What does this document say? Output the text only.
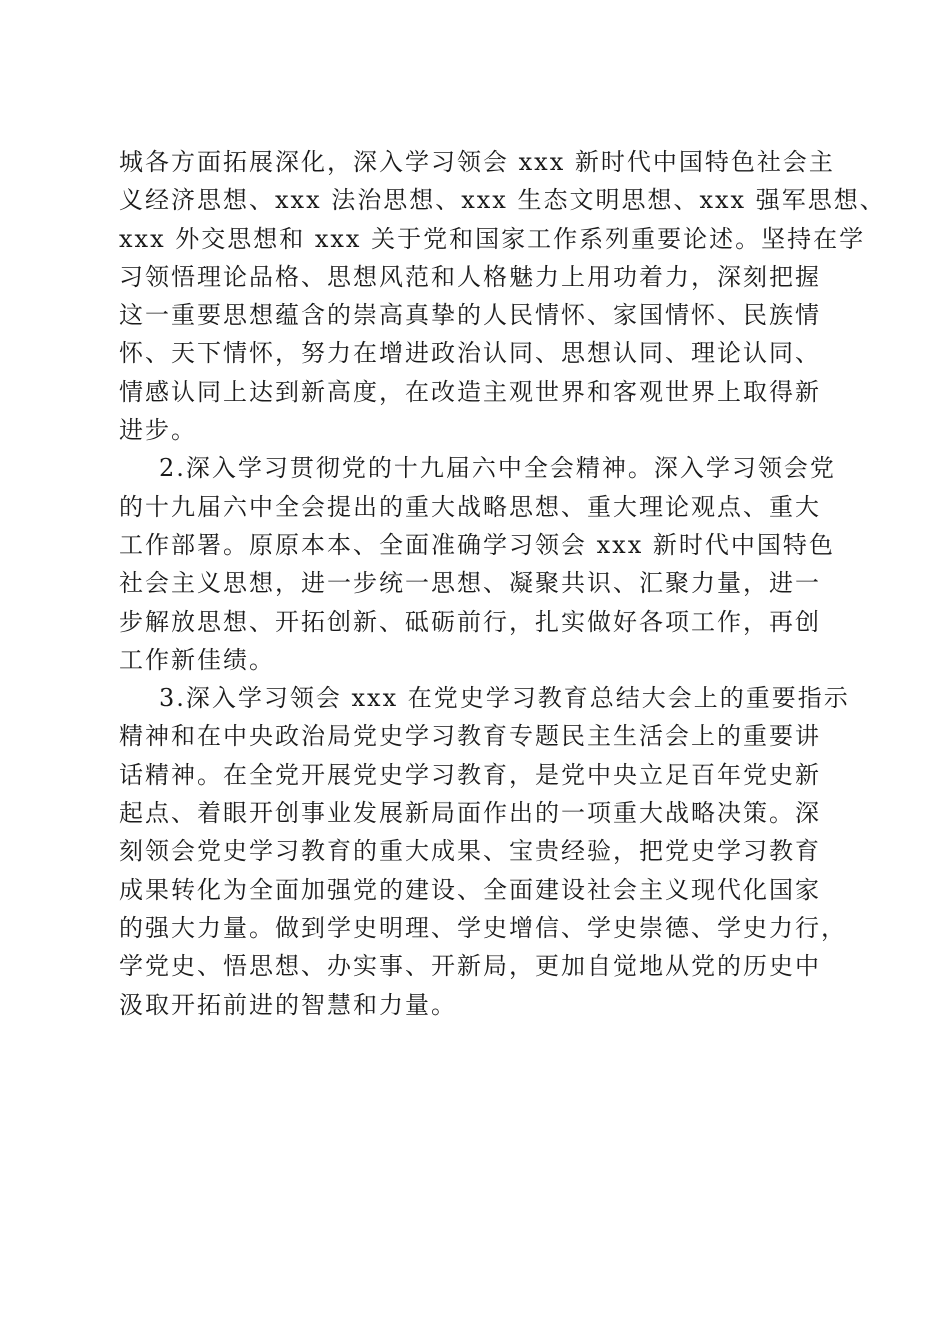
城各方面拓展深化，深入学习领会 xxx 新时代中国特色社会主
义经济思想、xxx 法治思想、xxx 生态文明思想、xxx 强军思想、
xxx 外交思想和 xxx 关于党和国家工作系列重要论述。坚持在学
习领悟理论品格、思想风范和人格魅力上用功着力，深刻把握
这一重要思想蕴含的崇高真挚的人民情怀、家国情怀、民族情
怀、天下情怀，努力在增进政治认同、思想认同、理论认同、
情感认同上达到新高度，在改造主观世界和客观世界上取得新
进步。
2.深入学习贯彻党的十九届六中全会精神。深入学习领会党
的十九届六中全会提出的重大战略思想、重大理论观点、重大
工作部署。原原本本、全面准确学习领会 xxx 新时代中国特色
社会主义思想，进一步统一思想、凝聚共识、汇聚力量，进一
步解放思想、开拓创新、砥砺前行，扎实做好各项工作，再创
工作新佳绩。
3.深入学习领会 xxx 在党史学习教育总结大会上的重要指示
精神和在中央政治局党史学习教育专题民主生活会上的重要讲
话精神。在全党开展党史学习教育，是党中央立足百年党史新
起点、着眼开创事业发展新局面作出的一项重大战略决策。深
刻领会党史学习教育的重大成果、宝贵经验，把党史学习教育
成果转化为全面加强党的建设、全面建设社会主义现代化国家
的强大力量。做到学史明理、学史增信、学史崇德、学史力行，
学党史、悟思想、办实事、开新局，更加自觉地从党的历史中
汲取开拓前进的智慧和力量。
